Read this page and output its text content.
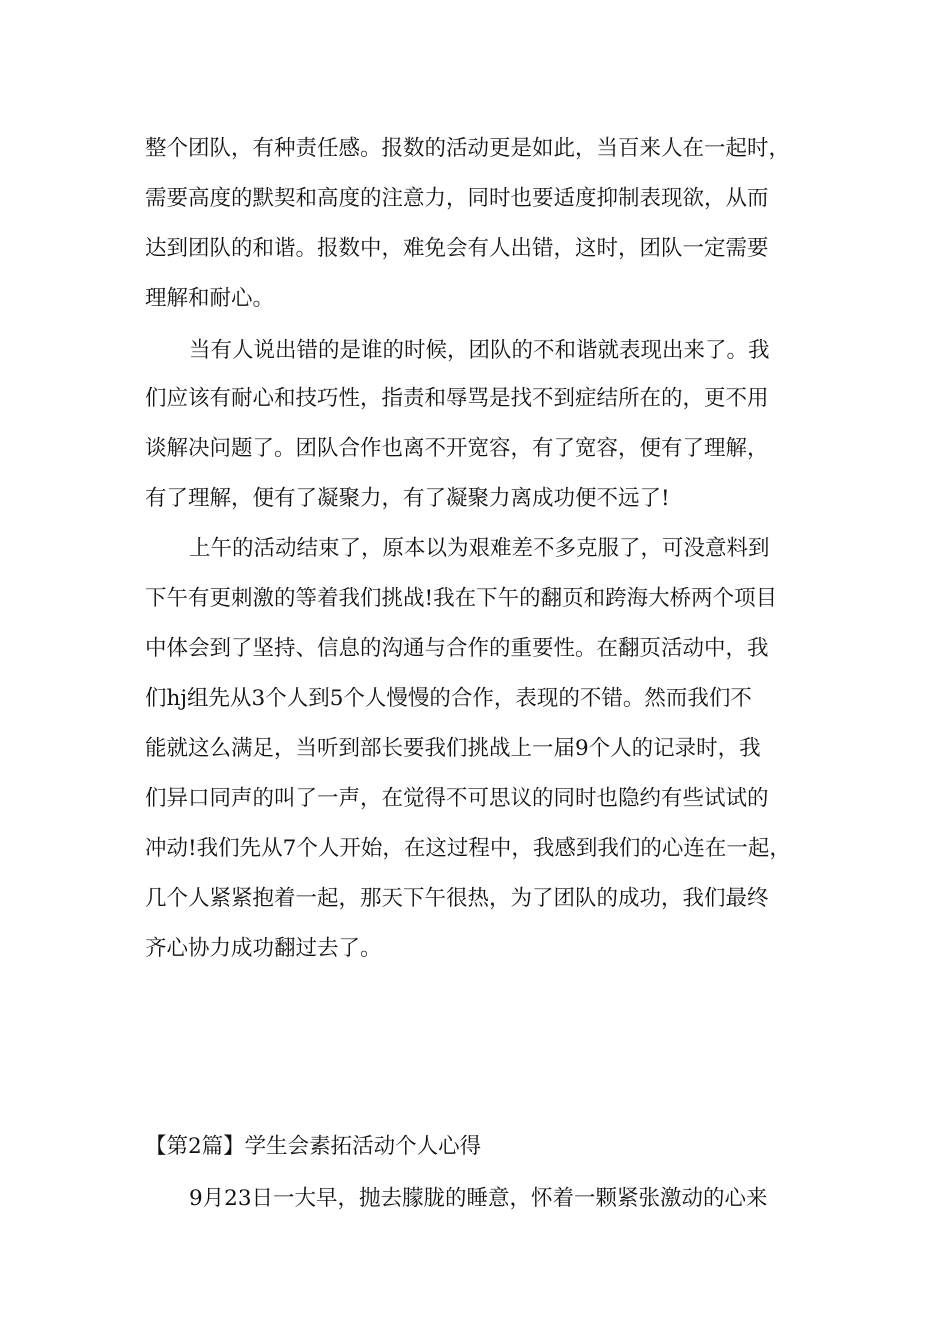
整个团队，有种责任感。报数的活动更是如此，当百来人在一起时，
需要高度的默契和高度的注意力，同时也要适度抑制表现欲，从而
达到团队的和谐。报数中，难免会有人出错，这时，团队一定需要
理解和耐心。
当有人说出错的是谁的时候，团队的不和谐就表现出来了。我
们应该有耐心和技巧性，指责和辱骂是找不到症结所在的，更不用
谈解决问题了。团队合作也离不开宽容，有了宽容，便有了理解，
有了理解，便有了凝聚力，有了凝聚力离成功便不远了!
上午的活动结束了，原本以为艰难差不多克服了，可没意料到
下午有更刺激的等着我们挑战!我在下午的翻页和跨海大桥两个项目
中体会到了坚持、信息的沟通与合作的重要性。在翻页活动中，我
们hj组先从3个人到5个人慢慢的合作，表现的不错。然而我们不
能就这么满足，当听到部长要我们挑战上一届9个人的记录时，我
们异口同声的叫了一声，在觉得不可思议的同时也隐约有些试试的
冲动!我们先从7个人开始，在这过程中，我感到我们的心连在一起，
几个人紧紧抱着一起，那天下午很热，为了团队的成功，我们最终
齐心协力成功翻过去了。
【第2篇】学生会素拓活动个人心得
9月23日一大早，抛去朦胧的睡意，怀着一颗紧张激动的心来
